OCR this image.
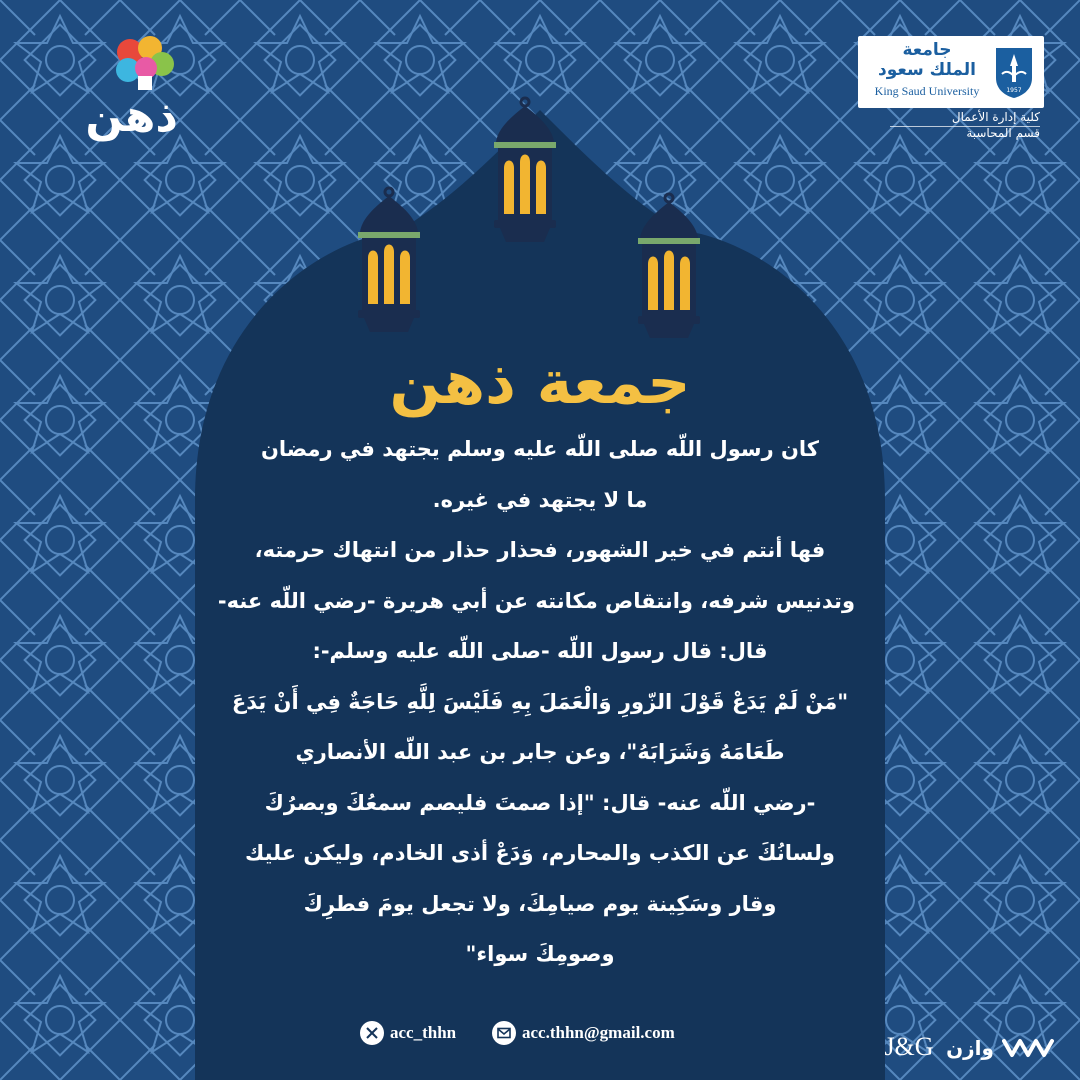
ذهن
جامعة
الملك سعود
King Saud University	1957
كلية إدارة الأعمال
قسم المحاسبة
جمعة ذهن
كان رسول اللّه صلى اللّه عليه وسلم يجتهد في رمضان
ما لا يجتهد في غيره.
فها أنتم في خير الشهور، فحذار حذار من انتهاك حرمته،
وتدنيس شرفه، وانتقاص مكانته عن أبي هريرة -رضي اللّه عنه-
قال: قال رسول اللّه -صلى اللّه عليه وسلم-:
"مَنْ لَمْ يَدَعْ قَوْلَ الزّورِ وَالْعَمَلَ بِهِ فَلَيْسَ لِلَّهِ حَاجَةٌ فِي أَنْ يَدَعَ
طَعَامَهُ وَشَرَابَهُ"، وعن جابر بن عبد اللّه الأنصاري
-رضي اللّه عنه- قال: "إذا صمتَ فليصم سمعُكَ وبصرُكَ
ولسانُكَ عن الكذب والمحارم، وَدَعْ أذى الخادم، وليكن عليك
وقار وسَكِينة يوم صيامِكَ، ولا تجعل يومَ فطرِكَ
وصومِكَ سواء"
acc_thhn	acc.thhn@gmail.com	J&G وازن
